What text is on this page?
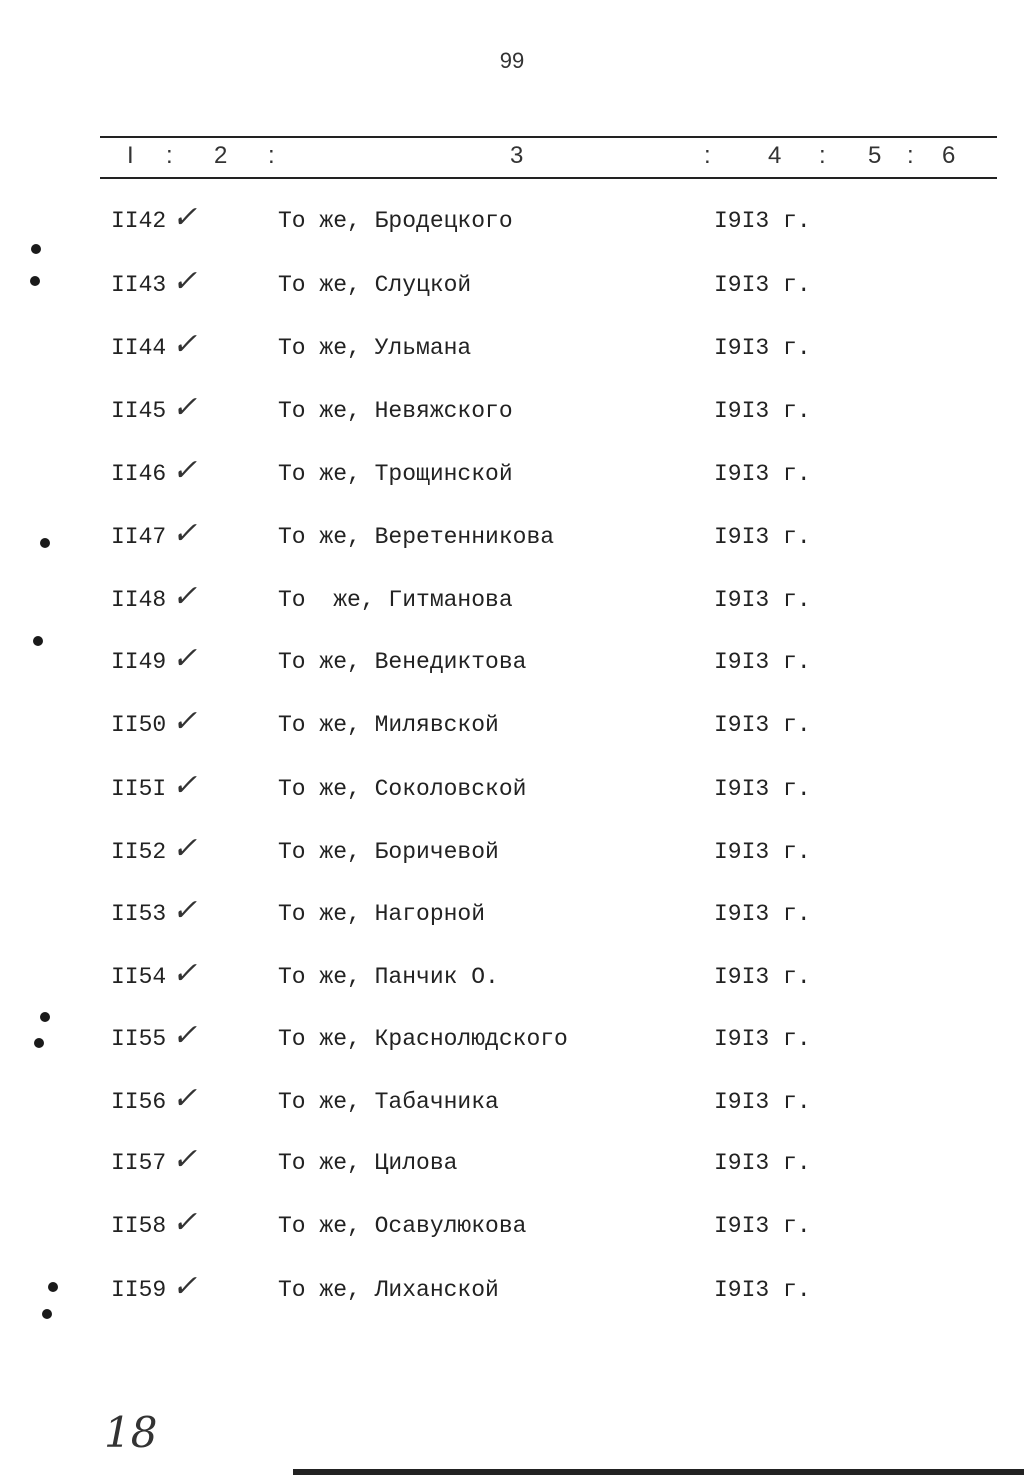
99
I : 2 :	3	: 4 : 5 : 6
II42 ✓	То же, Бродецкого	I9I3 г.
II43 ✓	То же, Слуцкой	I9I3 г.
II44 ✓	То же, Ульмана	I9I3 г.
II45 ✓	То же, Невяжского	I9I3 г.
II46 ✓	То же, Трощинской	I9I3 г.
II47 ✓	То же, Веретенникова	I9I3 г.
II48 ✓	То  же, Гитманова	I9I3 г.
II49 ✓	То же, Венедиктова	I9I3 г.
II50 ✓	То же, Милявской	I9I3 г.
II5I ✓	То же, Соколовской	I9I3 г.
II52 ✓	То же, Боричевой	I9I3 г.
II53 ✓	То же, Нагорной	I9I3 г.
II54 ✓	То же, Панчик О.	I9I3 г.
II55 ✓	То же, Краснолюдского	I9I3 г.
II56 ✓	То же, Табачника	I9I3 г.
II57 ✓	То же, Цилова	I9I3 г.
II58 ✓	То же, Осавулюкова	I9I3 г.
II59 ✓	То же, Лиханской	I9I3 г.
18
